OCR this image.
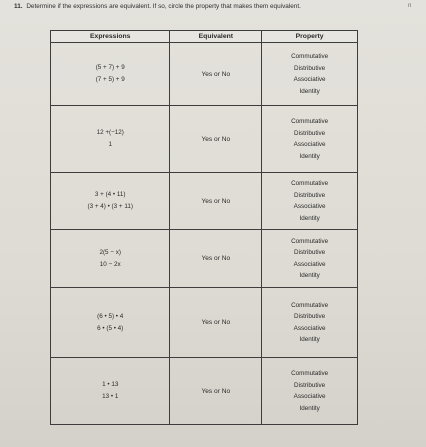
11. Determine if the expressions are equivalent. If so, circle the property that makes them equivalent.	n
Expressions	Equivalent	Property

(5 + 7) + 9
(7 + 5) + 9	Yes or No	Commutative
Distributive
Associative
Identity

12 +(−12)
1	Yes or No	Commutative
Distributive
Associative
Identity

3 + (4 • 11)
(3 + 4) • (3 + 11)	Yes or No	Commutative
Distributive
Associative
Identity

2(5 − x)
10 − 2x	Yes or No	Commutative
Distributive
Associative
Identity

(6 • 5) • 4
6 • (5 • 4)	Yes or No	Commutative
Distributive
Associative
Identity

1 • 13
13 • 1	Yes or No	Commutative
Distributive
Associative
Identity
